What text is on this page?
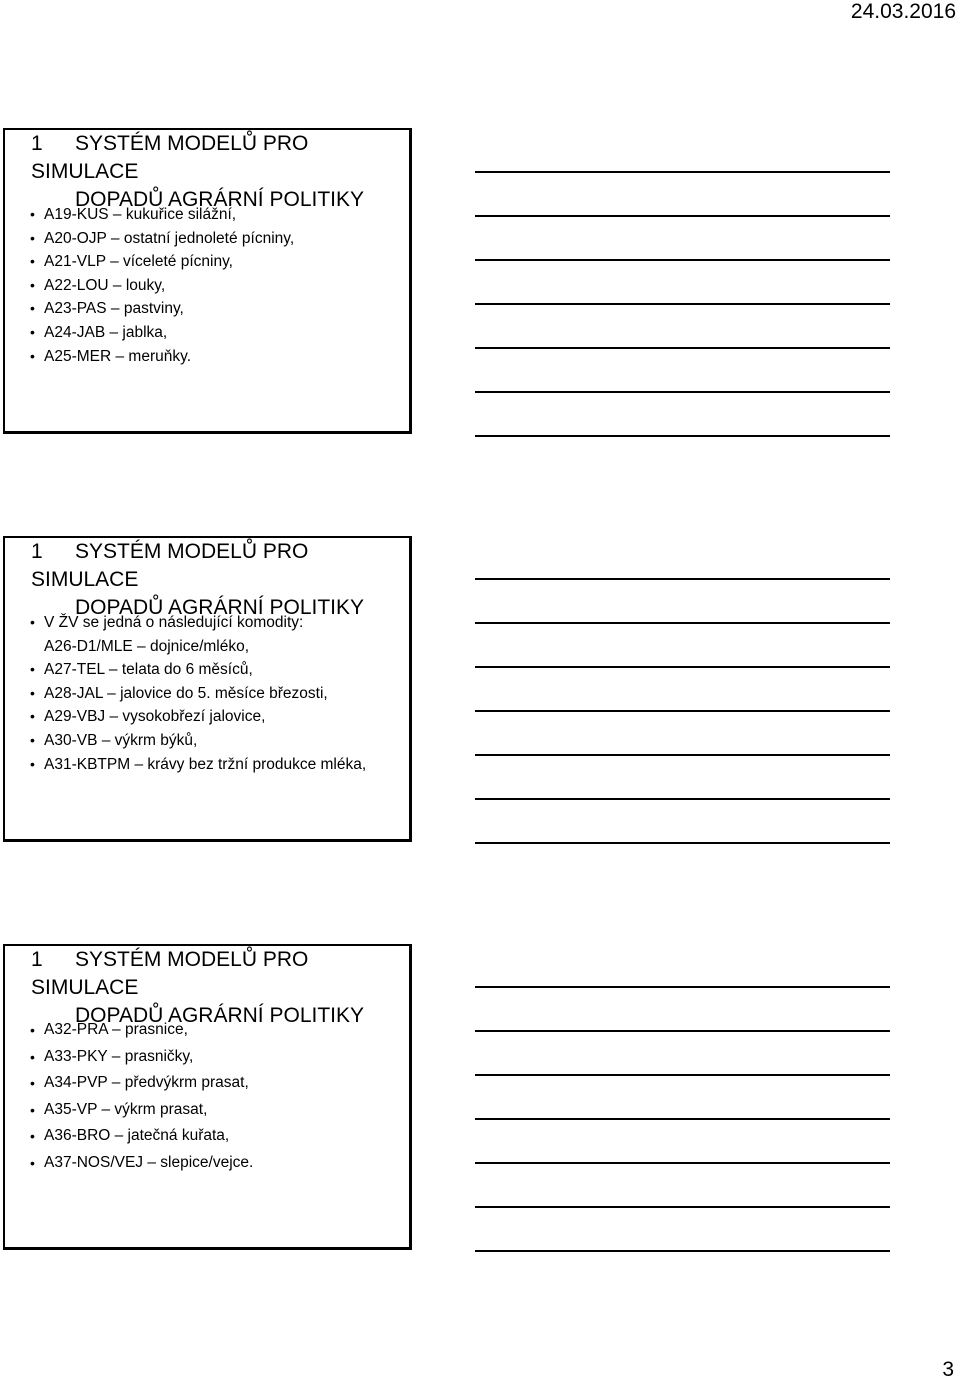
24.03.2016
1 SYSTÉM MODELŮ PRO SIMULACE
DOPADŮ AGRÁRNÍ POLITIKY
• A19-KUS – kukuřice silážní,
• A20-OJP – ostatní jednoleté pícniny,
• A21-VLP – víceleté pícniny,
• A22-LOU – louky,
• A23-PAS – pastviny,
• A24-JAB – jablka,
• A25-MER – meruňky.
1 SYSTÉM MODELŮ PRO SIMULACE
DOPADŮ AGRÁRNÍ POLITIKY
• V ŽV se jedná o následující komodity:
A26-D1/MLE – dojnice/mléko,
• A27-TEL – telata do 6 měsíců,
• A28-JAL – jalovice do 5. měsíce březosti,
• A29-VBJ – vysokobřezí jalovice,
• A30-VB – výkrm býků,
• A31-KBTPM – krávy bez tržní produkce mléka,
1 SYSTÉM MODELŮ PRO SIMULACE
DOPADŮ AGRÁRNÍ POLITIKY
• A32-PRA – prasnice,
• A33-PKY – prasničky,
• A34-PVP – předvýkrm prasat,
• A35-VP – výkrm prasat,
• A36-BRO – jatečná kuřata,
• A37-NOS/VEJ – slepice/vejce.
3
